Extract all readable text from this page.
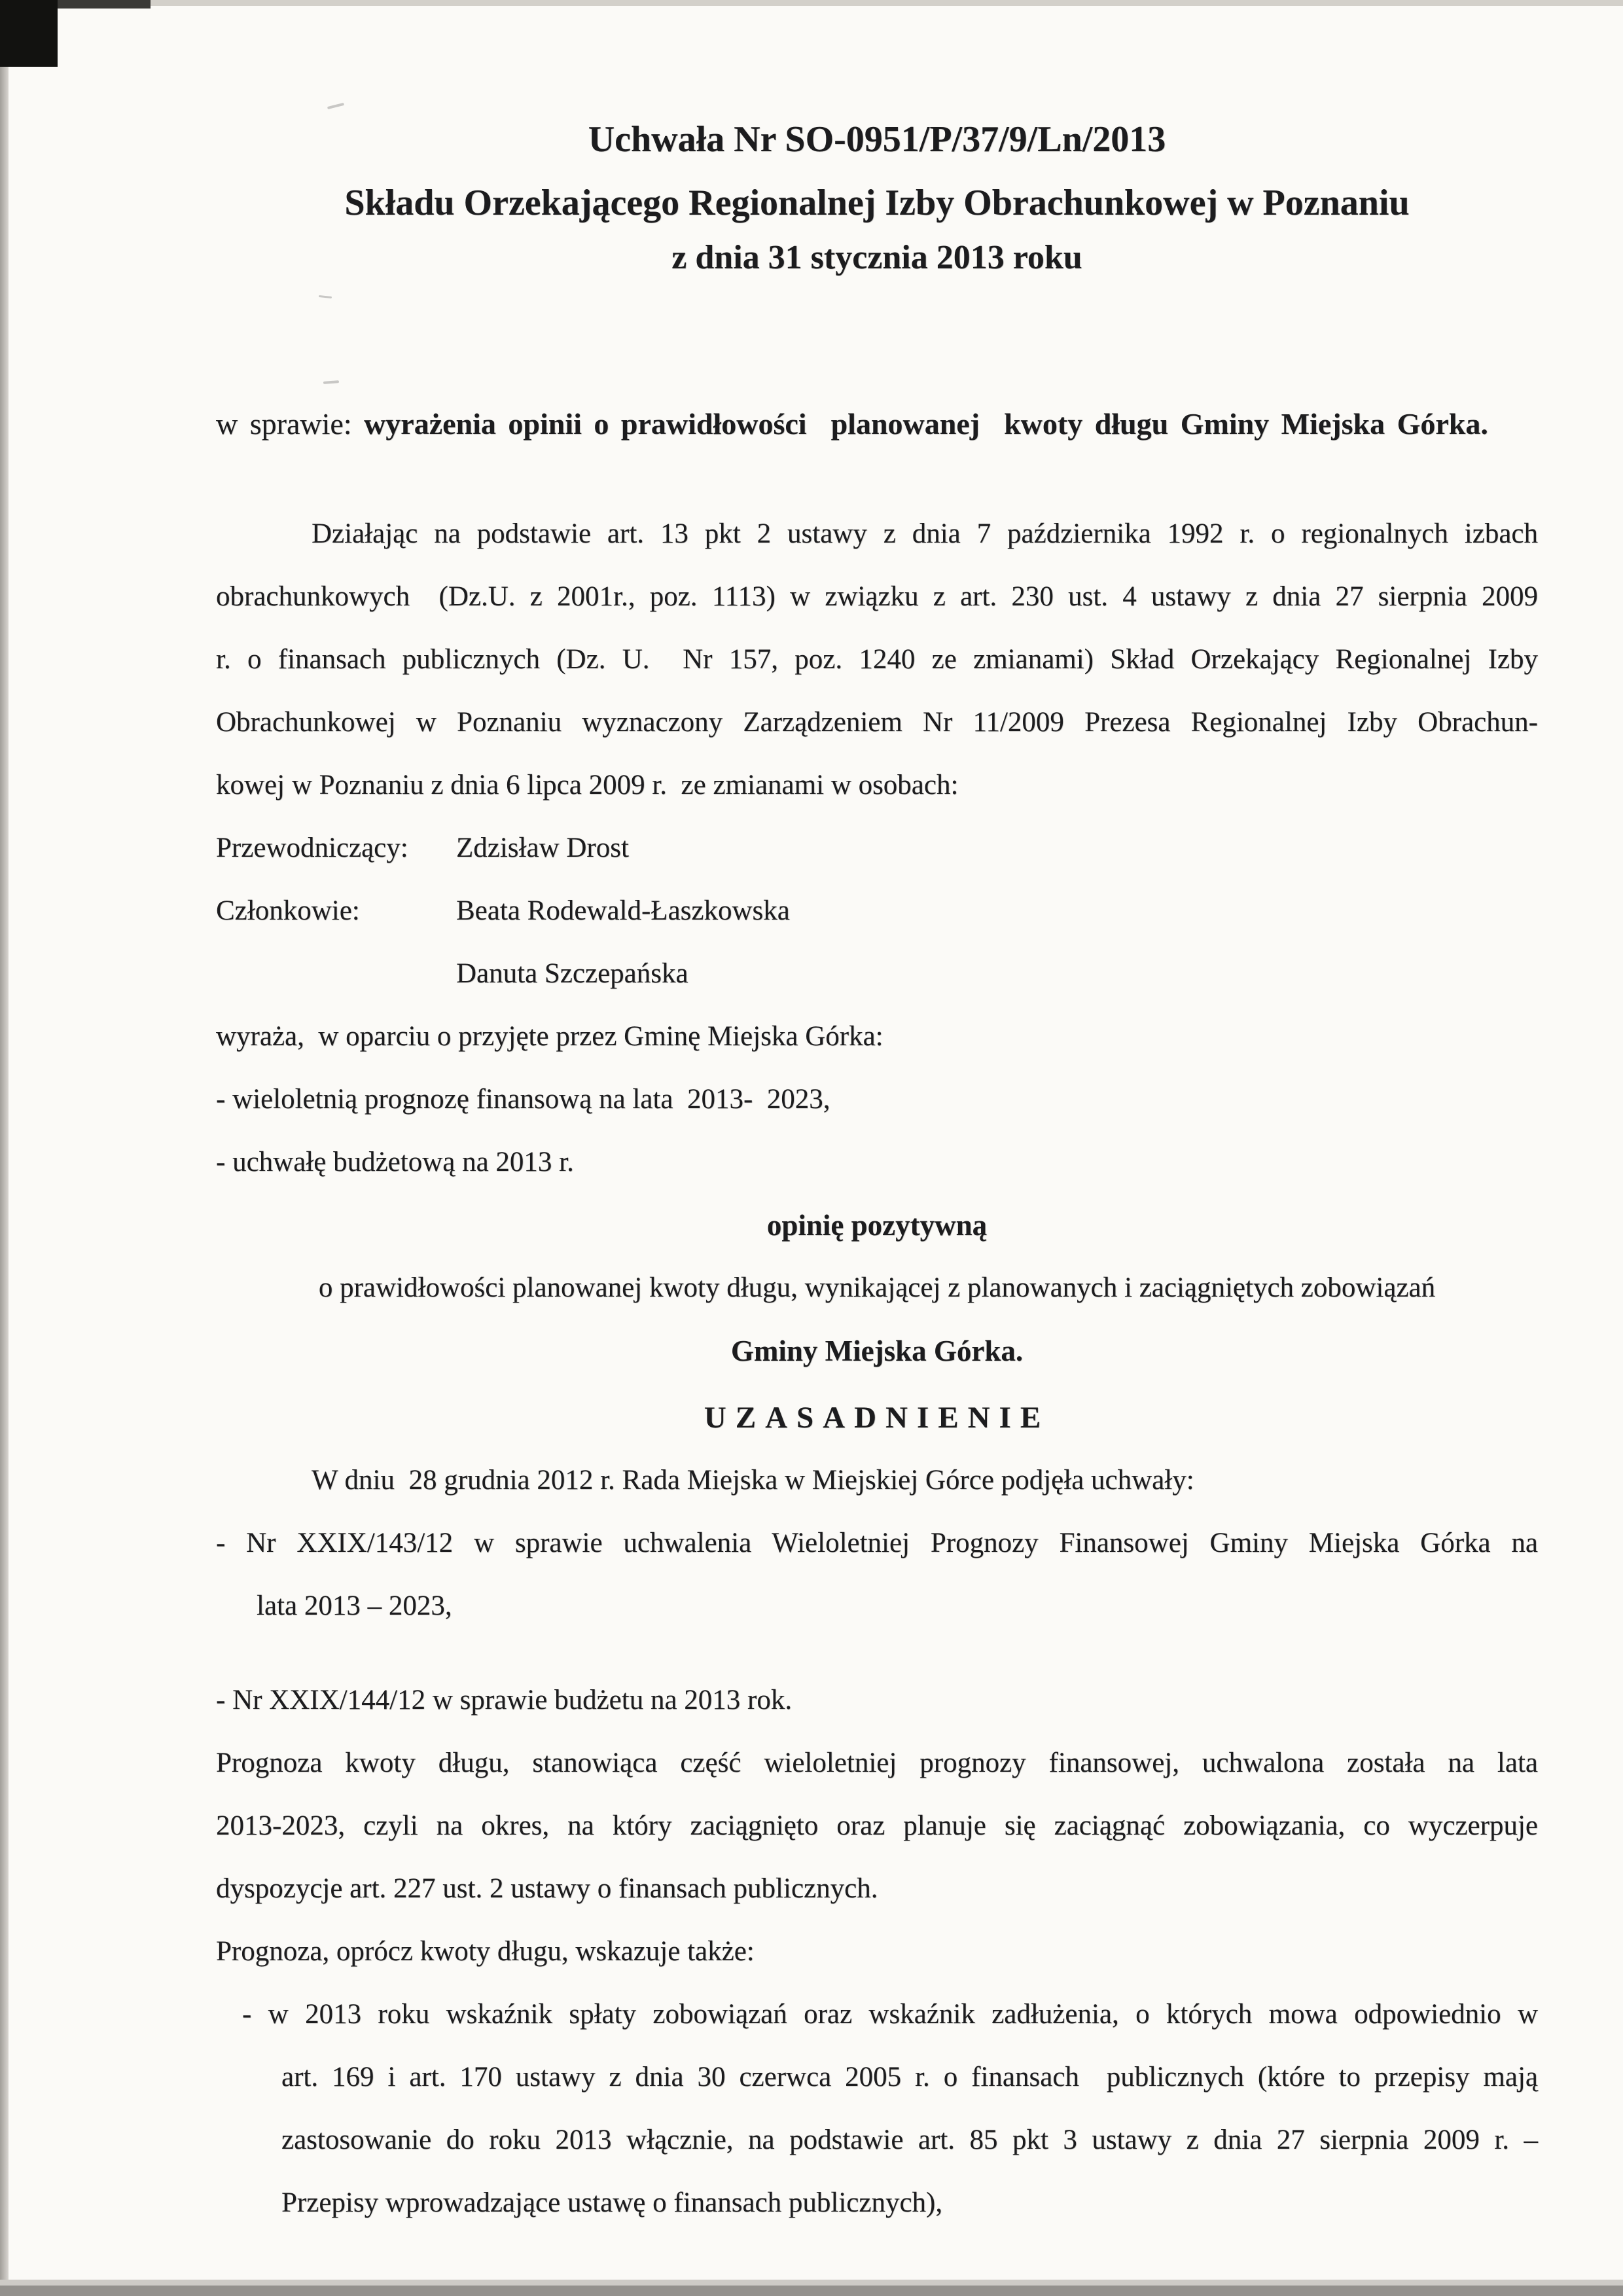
Uchwała Nr SO-0951/P/37/9/Ln/2013
Składu Orzekającego Regionalnej Izby Obrachunkowej w Poznaniu
z dnia 31 stycznia 2013 roku
w sprawie: wyrażenia opinii o prawidłowości  planowanej  kwoty długu Gminy Miejska Górka.
Działając na podstawie art. 13 pkt 2 ustawy z dnia 7 października 1992 r. o regionalnych izbach
obrachunkowych  (Dz.U. z 2001r., poz. 1113) w związku z art. 230 ust. 4 ustawy z dnia 27 sierpnia 2009
r. o finansach publicznych (Dz. U.  Nr 157, poz. 1240 ze zmianami) Skład Orzekający Regionalnej Izby
Obrachunkowej w Poznaniu wyznaczony Zarządzeniem Nr 11/2009 Prezesa Regionalnej Izby Obrachun-
kowej w Poznaniu z dnia 6 lipca 2009 r.  ze zmianami w osobach:
Przewodniczący: Zdzisław Drost
Członkowie:	Beata Rodewald-Łaszkowska
Danuta Szczepańska
wyraża,  w oparciu o przyjęte przez Gminę Miejska Górka:
- wieloletnią prognozę finansową na lata  2013-  2023,
- uchwałę budżetową na 2013 r.
opinię pozytywną
o prawidłowości planowanej kwoty długu, wynikającej z planowanych i zaciągniętych zobowiązań
Gminy Miejska Górka.
UZASADNIENIE
W dniu  28 grudnia 2012 r. Rada Miejska w Miejskiej Górce podjęła uchwały:
- Nr XXIX/143/12 w sprawie uchwalenia Wieloletniej Prognozy Finansowej Gminy Miejska Górka na
lata 2013 – 2023,
- Nr XXIX/144/12 w sprawie budżetu na 2013 rok.
Prognoza kwoty długu, stanowiąca część wieloletniej prognozy finansowej, uchwalona została na lata
2013-2023, czyli na okres, na który zaciągnięto oraz planuje się zaciągnąć zobowiązania, co wyczerpuje
dyspozycje art. 227 ust. 2 ustawy o finansach publicznych.
Prognoza, oprócz kwoty długu, wskazuje także:
- w 2013 roku wskaźnik spłaty zobowiązań oraz wskaźnik zadłużenia, o których mowa odpowiednio w
art. 169 i art. 170 ustawy z dnia 30 czerwca 2005 r. o finansach  publicznych (które to przepisy mają
zastosowanie do roku 2013 włącznie, na podstawie art. 85 pkt 3 ustawy z dnia 27 sierpnia 2009 r. –
Przepisy wprowadzające ustawę o finansach publicznych),
